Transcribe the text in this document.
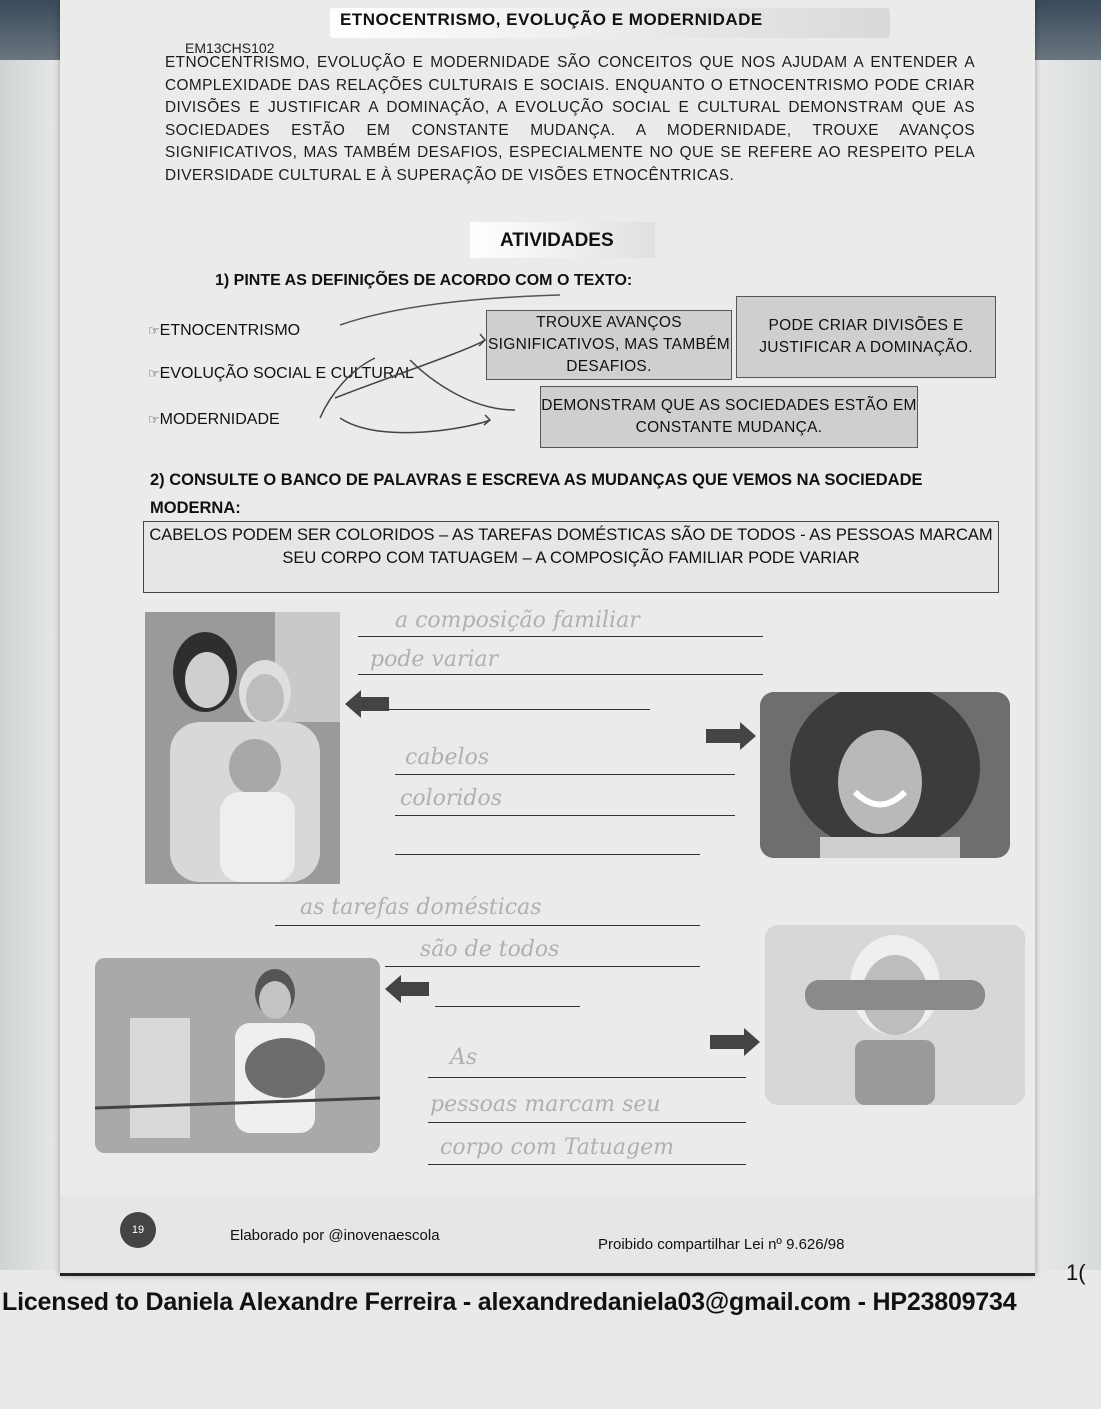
ETNOCENTRISMO, EVOLUÇÃO E MODERNIDADE
EM13CHS102
ETNOCENTRISMO, EVOLUÇÃO E MODERNIDADE SÃO CONCEITOS QUE NOS AJUDAM A ENTENDER A COMPLEXIDADE DAS RELAÇÕES CULTURAIS E SOCIAIS. ENQUANTO O ETNOCENTRISMO PODE CRIAR DIVISÕES E JUSTIFICAR A DOMINAÇÃO, A EVOLUÇÃO SOCIAL E CULTURAL DEMONSTRAM QUE AS SOCIEDADES ESTÃO EM CONSTANTE MUDANÇA. A MODERNIDADE, TROUXE AVANÇOS SIGNIFICATIVOS, MAS TAMBÉM DESAFIOS, ESPECIALMENTE NO QUE SE REFERE AO RESPEITO PELA DIVERSIDADE CULTURAL E À SUPERAÇÃO DE VISÕES ETNOCÊNTRICAS.
ATIVIDADES
1) PINTE AS DEFINIÇÕES DE ACORDO COM O TEXTO:
☞ETNOCENTRISMO
☞EVOLUÇÃO SOCIAL E CULTURAL
☞MODERNIDADE
TROUXE AVANÇOS SIGNIFICATIVOS, MAS TAMBÉM DESAFIOS.
PODE CRIAR DIVISÕES E JUSTIFICAR A DOMINAÇÃO.
DEMONSTRAM QUE AS SOCIEDADES ESTÃO EM CONSTANTE MUDANÇA.
2) CONSULTE O BANCO DE PALAVRAS E ESCREVA AS MUDANÇAS QUE VEMOS NA SOCIEDADE MODERNA:
CABELOS PODEM SER COLORIDOS – AS TAREFAS DOMÉSTICAS SÃO DE TODOS - AS PESSOAS MARCAM SEU CORPO COM TATUAGEM – A COMPOSIÇÃO FAMILIAR PODE VARIAR
a composição familiar
pode variar
cabelos
coloridos
as tarefas domésticas
são de todos
As
pessoas marcam seu
corpo com Tatuagem
19	Elaborado por @inovenaescola
Proibido compartilhar Lei nº 9.626/98
1(
Licensed to Daniela Alexandre Ferreira - alexandredaniela03@gmail.com - HP23809734
